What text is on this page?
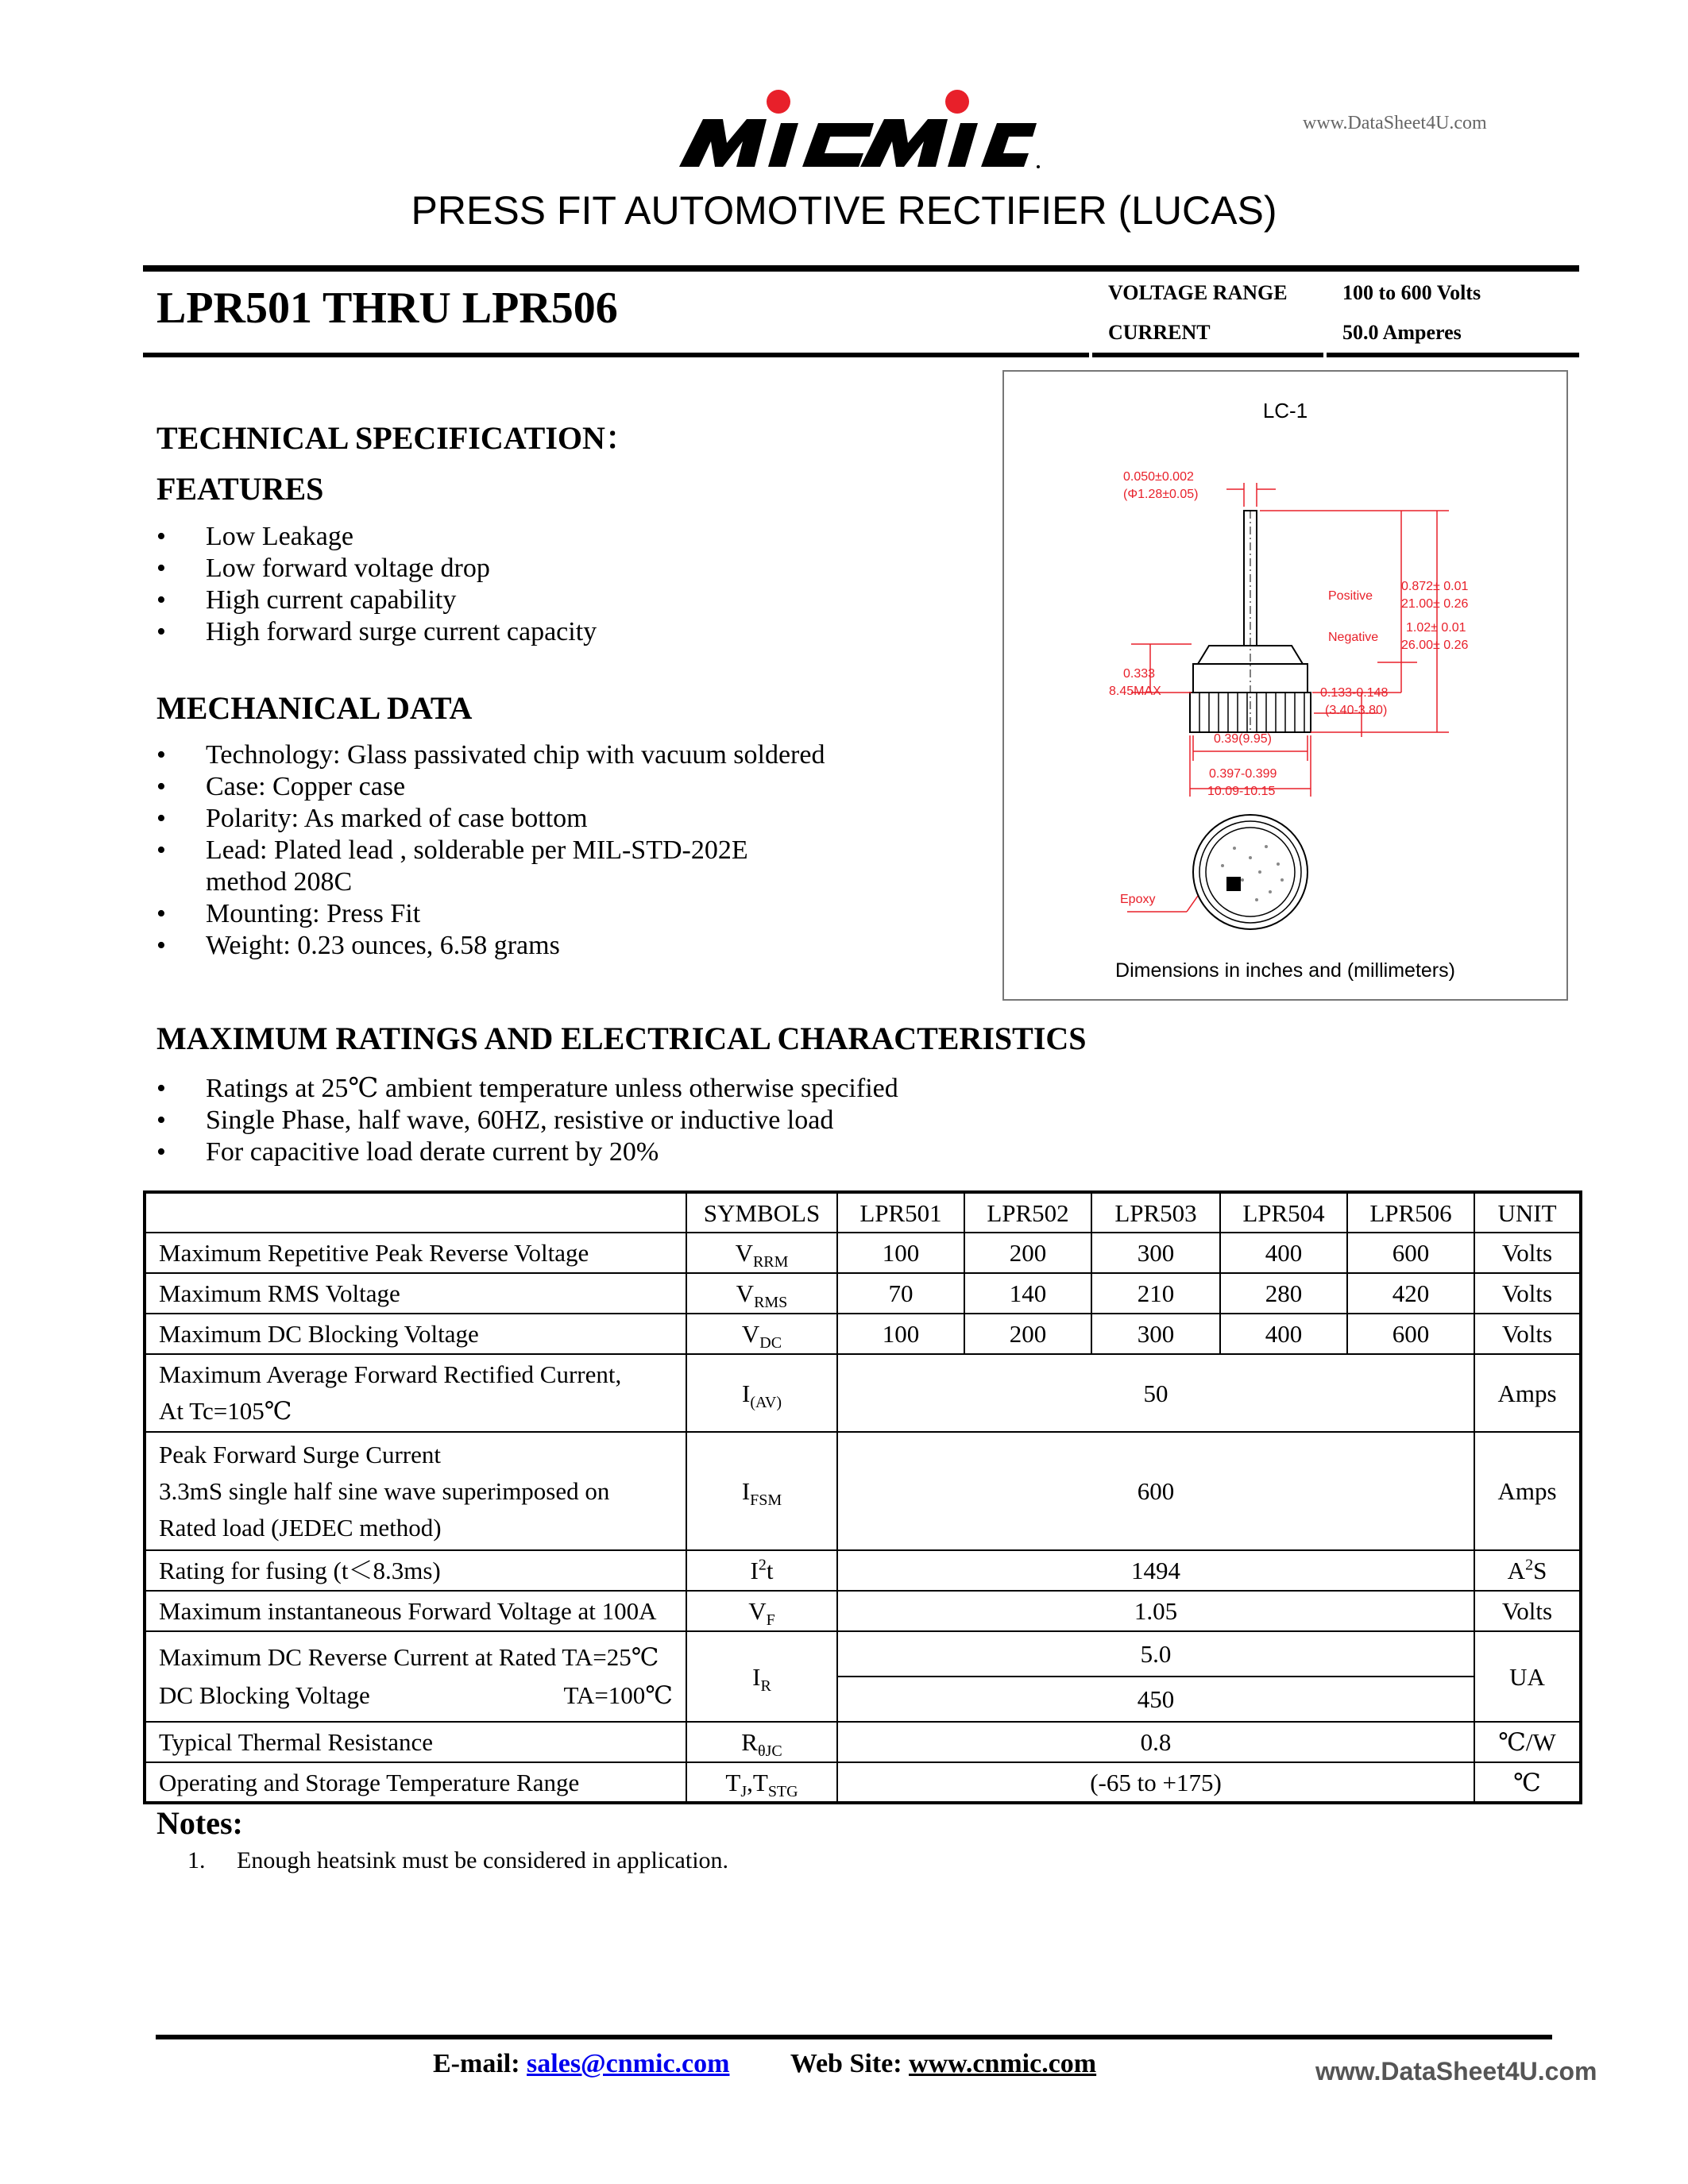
www.DataSheet4U.com
PRESS FIT AUTOMOTIVE RECTIFIER (LUCAS)
LPR501 THRU LPR506	VOLTAGE RANGE	100 to 600 Volts
CURRENT	50.0 Amperes
TECHNICAL SPECIFICATION：
FEATURES
• Low Leakage
• Low forward voltage drop
• High current capability
• High forward surge current capacity
MECHANICAL DATA
• Technology: Glass passivated chip with vacuum soldered
• Case: Copper case
• Polarity: As marked of case bottom
• Lead: Plated lead , solderable per MIL-STD-202E
method 208C
• Mounting: Press Fit
• Weight: 0.23 ounces, 6.58 grams
LC-1
0.050±0.002
(Φ1.28±0.05)
Positive
Negative
0.872± 0.01
21.00± 0.26
1.02± 0.01
26.00± 0.26
0.333
8.45MAX	0.133-0.148
(3.40-3.80)
0.39(9.95)
0.397-0.399
10.09-10.15
Epoxy
Dimensions in inches and (millimeters)
MAXIMUM RATINGS AND ELECTRICAL CHARACTERISTICS
• Ratings at 25℃ ambient temperature unless otherwise specified
• Single Phase, half wave, 60HZ, resistive or inductive load
• For capacitive load derate current by 20%
	SYMBOLS	LPR501	LPR502	LPR503	LPR504	LPR506	UNIT
Maximum Repetitive Peak Reverse Voltage	$V_{RRM}$	100	200	300	400	600	Volts
Maximum RMS Voltage	$V_{RMS}$	70	140	210	280	420	Volts
Maximum DC Blocking Voltage	$V_{DC}$	100	200	300	400	600	Volts

Maximum Average Forward Rectified Current,
At Tc=105℃	$I_{(AV)}$	50					Amps

Peak Forward Surge Current
3.3mS single half sine wave superimposed on
Rated load (JEDEC method)	$I_{FSM}$	600					Amps
Rating for fusing (t＜8.3ms)	$I^2t$	1494					$A^2S$
Maximum instantaneous Forward Voltage at 100A	$V_F$	1.05					Volts

Maximum DC Reverse Current at Rated TA=25℃
DC Blocking Voltage TA=100℃	$I_R$	5.0					UA
		450					
Typical Thermal Resistance	$R_{\theta JC}$	0.8					℃/W
Operating and Storage Temperature Range	$T_J,T_{STG}$	(-65 to +175)					℃
Notes:
1. Enough heatsink must be considered in application.
E-mail: sales@cnmic.com Web Site: www.cnmic.com	www.DataSheet4U.com
